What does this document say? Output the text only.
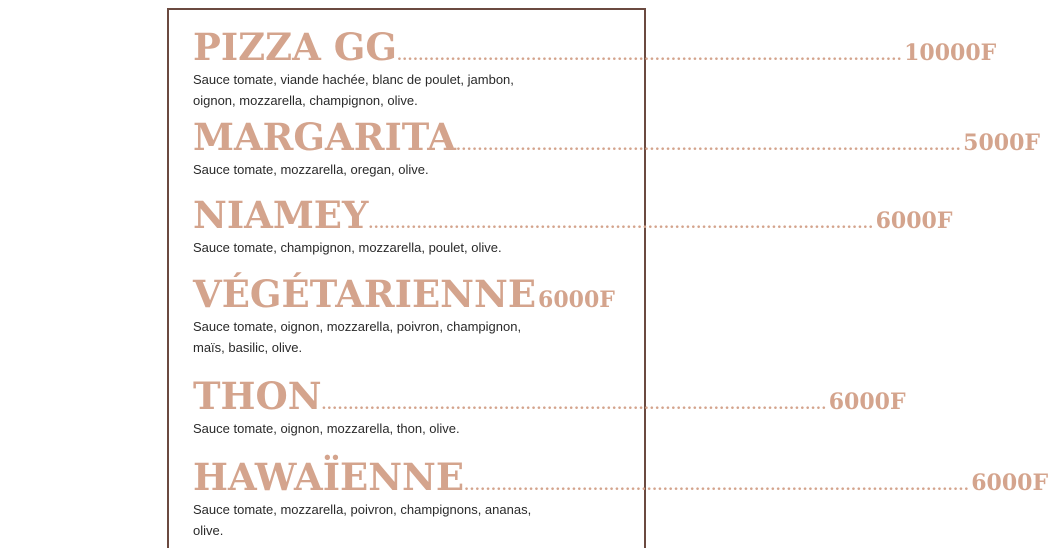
PIZZA GG .............................................................................................. 10000F
Sauce tomate, viande hachée, blanc de poulet, jambon, oignon, mozzarella, champignon, olive.
MARGARITA .............................................................................................. 5000F
Sauce tomate, mozzarella, oregan, olive.
NIAMEY .............................................................................................. 6000F
Sauce tomate, champignon, mozzarella, poulet, olive.
VÉGÉTARIENNE 6000F
Sauce tomate, oignon, mozzarella, poivron, champignon, maïs, basilic, olive.
THON .............................................................................................. 6000F
Sauce tomate, oignon, mozzarella, thon, olive.
HAWAÏENNE .............................................................................................. 6000F
Sauce tomate, mozzarella, poivron, champignons, ananas, olive.
